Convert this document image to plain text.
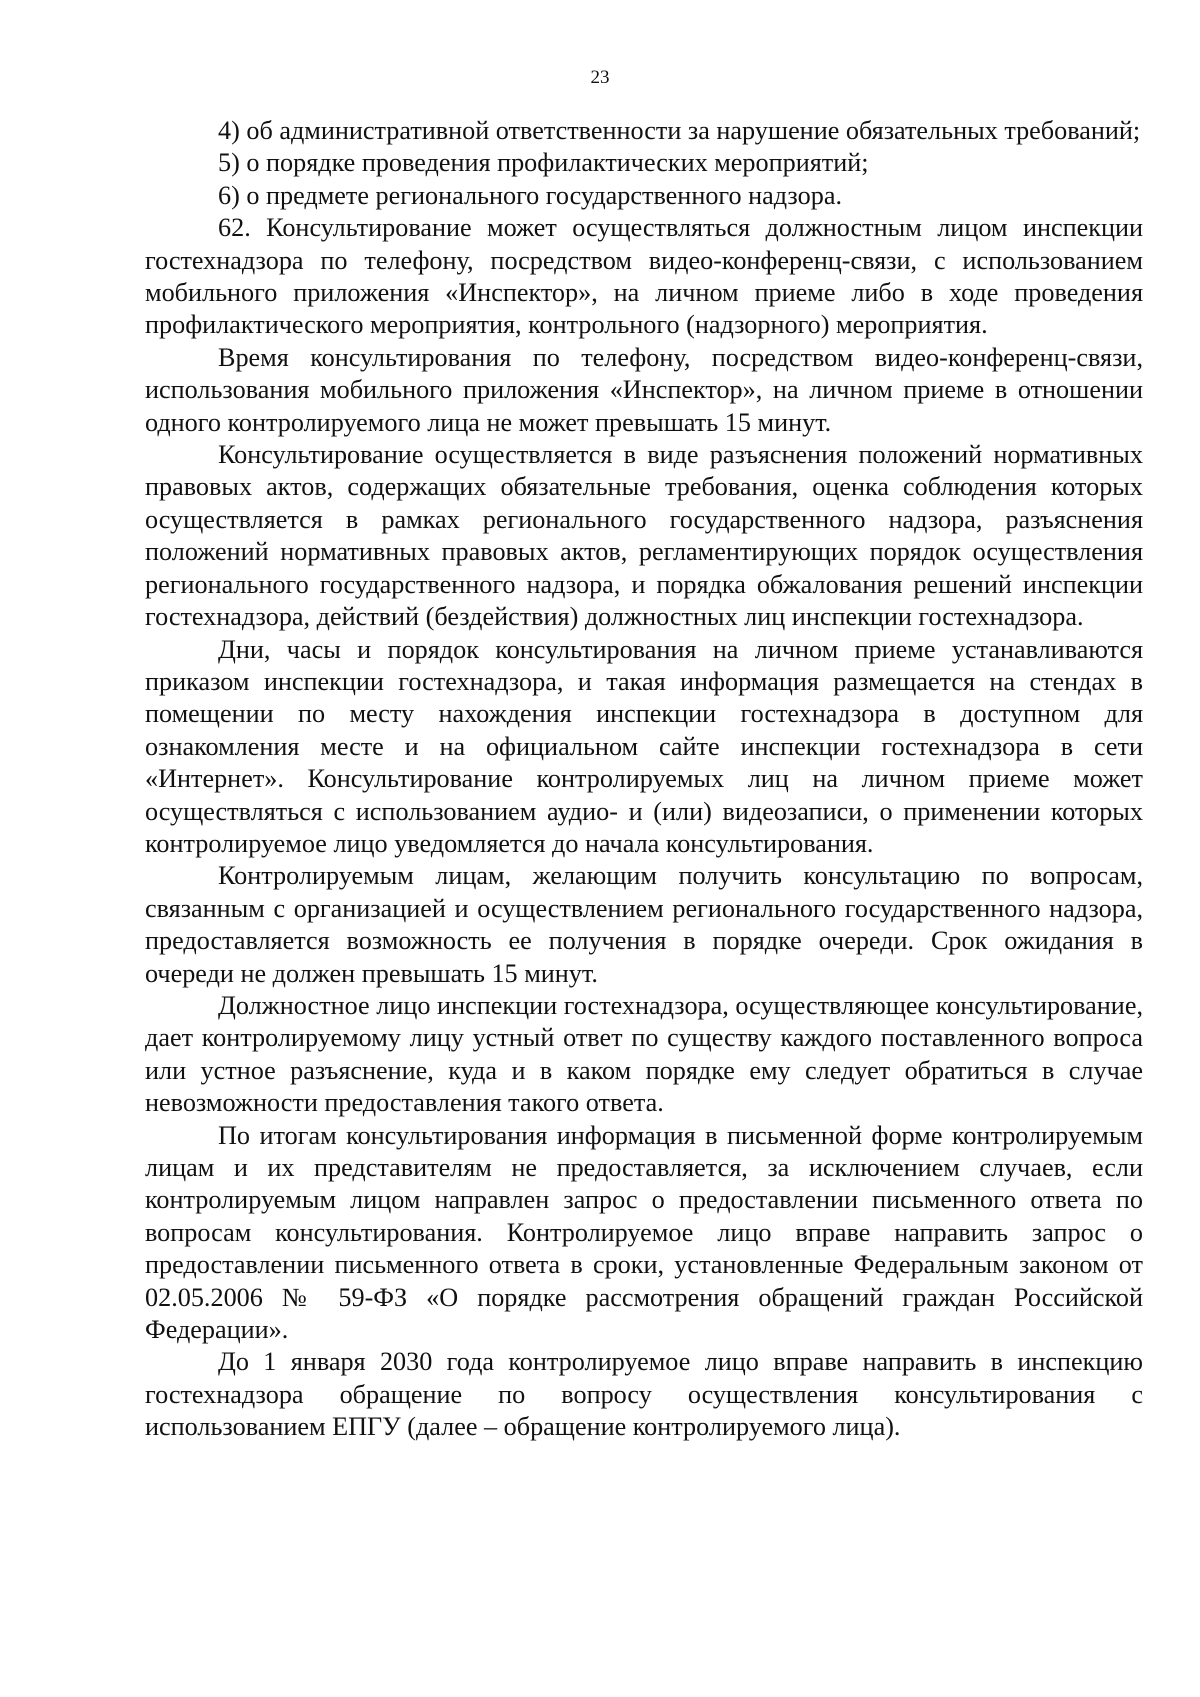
23

4) об административной ответственности за нарушение обязательных требований;

5) о порядке проведения профилактических мероприятий;

6) о предмете регионального государственного надзора.

62. Консультирование может осуществляться должностным лицом инспекции гостехнадзора по телефону, посредством видео-конференц-связи, с использованием мобильного приложения «Инспектор», на личном приеме либо в ходе проведения профилактического мероприятия, контрольного (надзорного) мероприятия.

Время консультирования по телефону, посредством видео-конференц-связи, использования мобильного приложения «Инспектор», на личном приеме в отношении одного контролируемого лица не может превышать 15 минут.

Консультирование осуществляется в виде разъяснения положений нормативных правовых актов, содержащих обязательные требования, оценка соблюдения которых осуществляется в рамках регионального государственного надзора, разъяснения положений нормативных правовых актов, регламентирующих порядок осуществления регионального государственного надзора, и порядка обжалования решений инспекции гостехнадзора, действий (бездействия) должностных лиц инспекции гостехнадзора.

Дни, часы и порядок консультирования на личном приеме устанавливаются приказом инспекции гостехнадзора, и такая информация размещается на стендах в помещении по месту нахождения инспекции гостехнадзора в доступном для ознакомления месте и на официальном сайте инспекции гостехнадзора в сети «Интернет». Консультирование контролируемых лиц на личном приеме может осуществляться с использованием аудио- и (или) видеозаписи, о применении которых контролируемое лицо уведомляется до начала консультирования.

Контролируемым лицам, желающим получить консультацию по вопросам, связанным с организацией и осуществлением регионального государственного надзора, предоставляется возможность ее получения в порядке очереди. Срок ожидания в очереди не должен превышать 15 минут.

Должностное лицо инспекции гостехнадзора, осуществляющее консультирование, дает контролируемому лицу устный ответ по существу каждого поставленного вопроса или устное разъяснение, куда и в каком порядке ему следует обратиться в случае невозможности предоставления такого ответа.

По итогам консультирования информация в письменной форме контролируемым лицам и их представителям не предоставляется, за исключением случаев, если контролируемым лицом направлен запрос о предоставлении письменного ответа по вопросам консультирования. Контролируемое лицо вправе направить запрос о предоставлении письменного ответа в сроки, установленные Федеральным законом от 02.05.2006 № 59-ФЗ «О порядке рассмотрения обращений граждан Российской Федерации».

До 1 января 2030 года контролируемое лицо вправе направить в инспекцию гостехнадзора обращение по вопросу осуществления консультирования с использованием ЕПГУ (далее – обращение контролируемого лица).
